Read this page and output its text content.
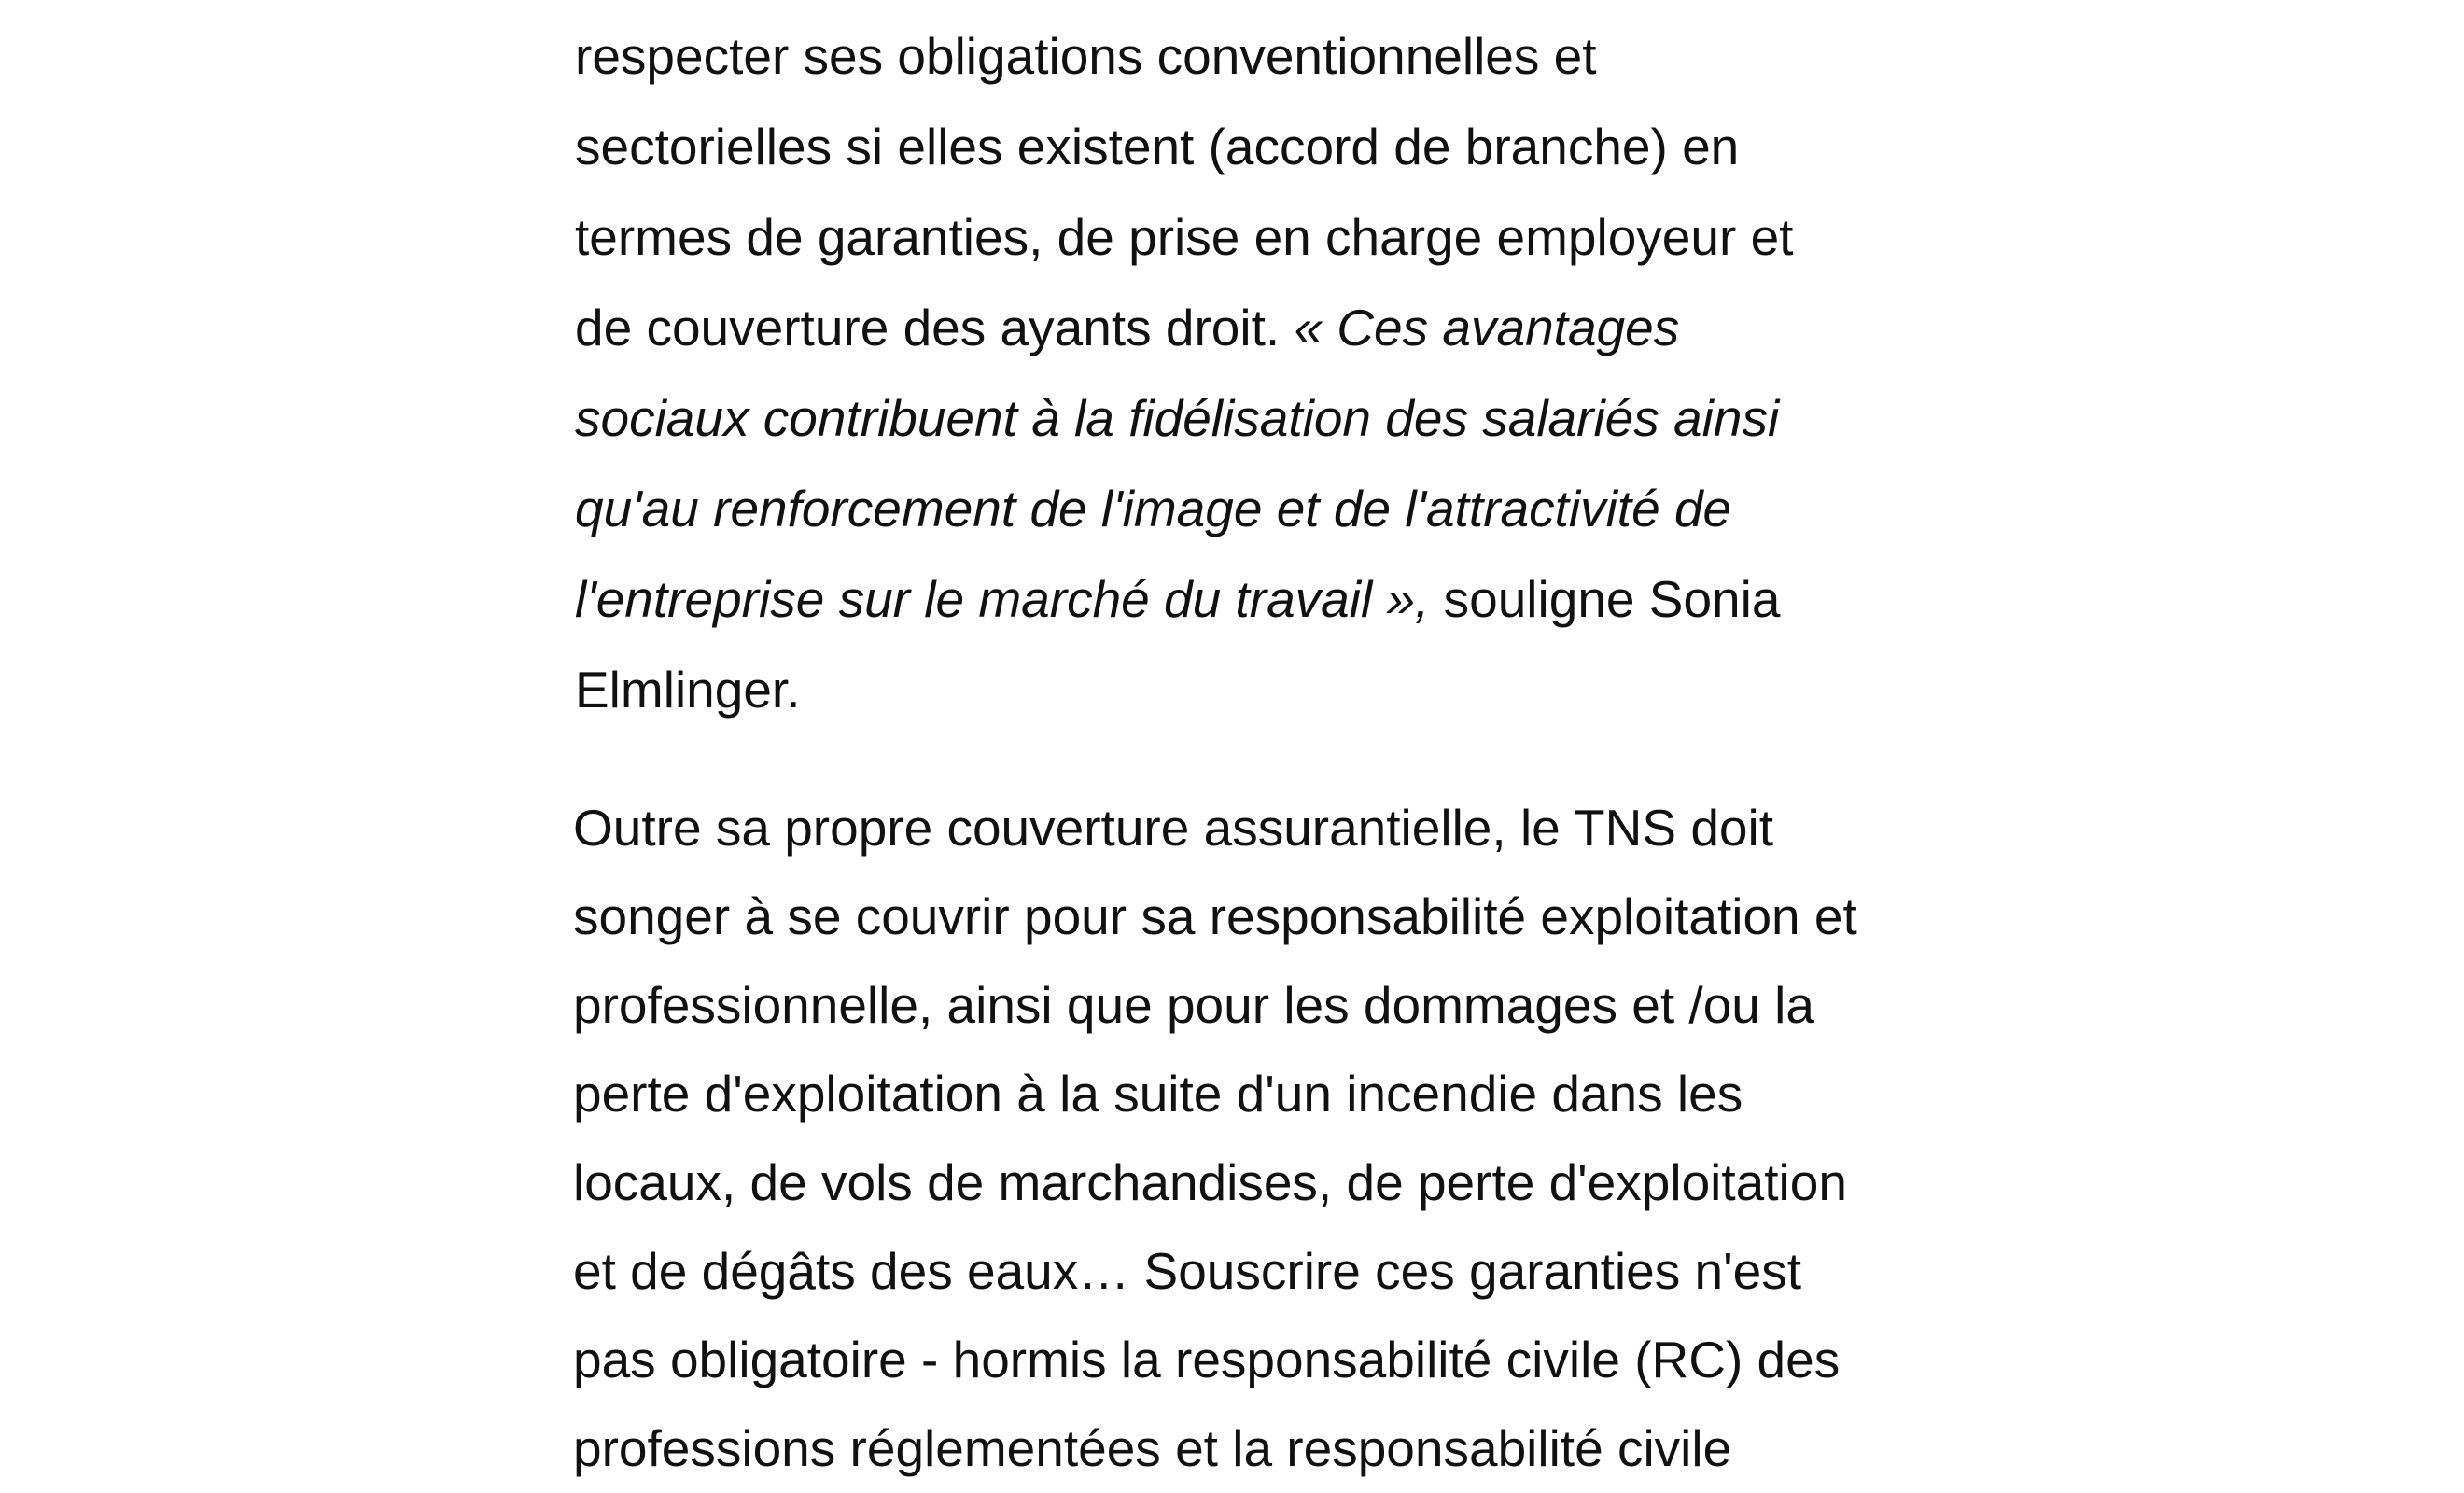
respecter ses obligations conventionnelles et
sectorielles si elles existent (accord de branche) en
termes de garanties, de prise en charge employeur et
de couverture des ayants droit. « Ces avantages
sociaux contribuent à la fidélisation des salariés ainsi
qu'au renforcement de l'image et de l'attractivité de
l'entreprise sur le marché du travail », souligne Sonia
Elmlinger.

Outre sa propre couverture assurantielle, le TNS doit
songer à se couvrir pour sa responsabilité exploitation et
professionnelle, ainsi que pour les dommages et /ou la
perte d'exploitation à la suite d'un incendie dans les
locaux, de vols de marchandises, de perte d'exploitation
et de dégâts des eaux… Souscrire ces garanties n'est
pas obligatoire - hormis la responsabilité civile (RC) des
professions réglementées et la responsabilité civile
